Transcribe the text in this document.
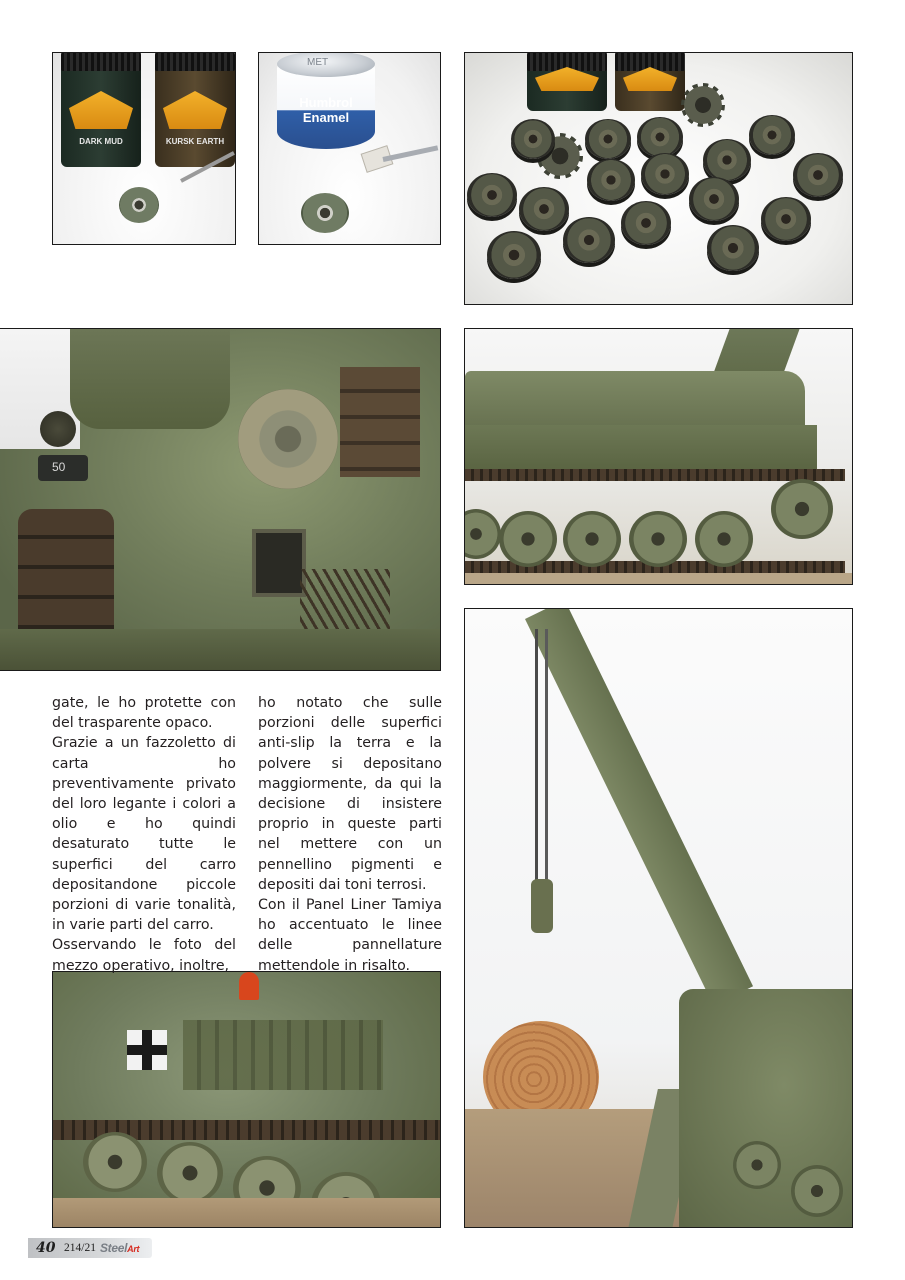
DARK MUD	KURSK EARTH
MET
Humbrol Enamel
50

gate, le ho protette con del trasparente opaco.

Grazie a un fazzoletto di carta ho preventivamente privato del loro legante i colori a olio e ho quindi desaturato tutte le superfici del carro depositandone piccole porzioni di varie tonalità, in varie parti del carro.

Osservando le foto del mezzo operativo, inoltre,

ho notato che sulle porzioni delle superfici anti-slip la terra e la polvere si depositano maggiormente, da qui la decisione di insistere proprio in queste parti nel mettere con un pennellino pigmenti e depositi dai toni terrosi.

Con il Panel Liner Tamiya ho accentuato le linee delle pannellature mettendole in risalto.

40 214/21 SteelArt
